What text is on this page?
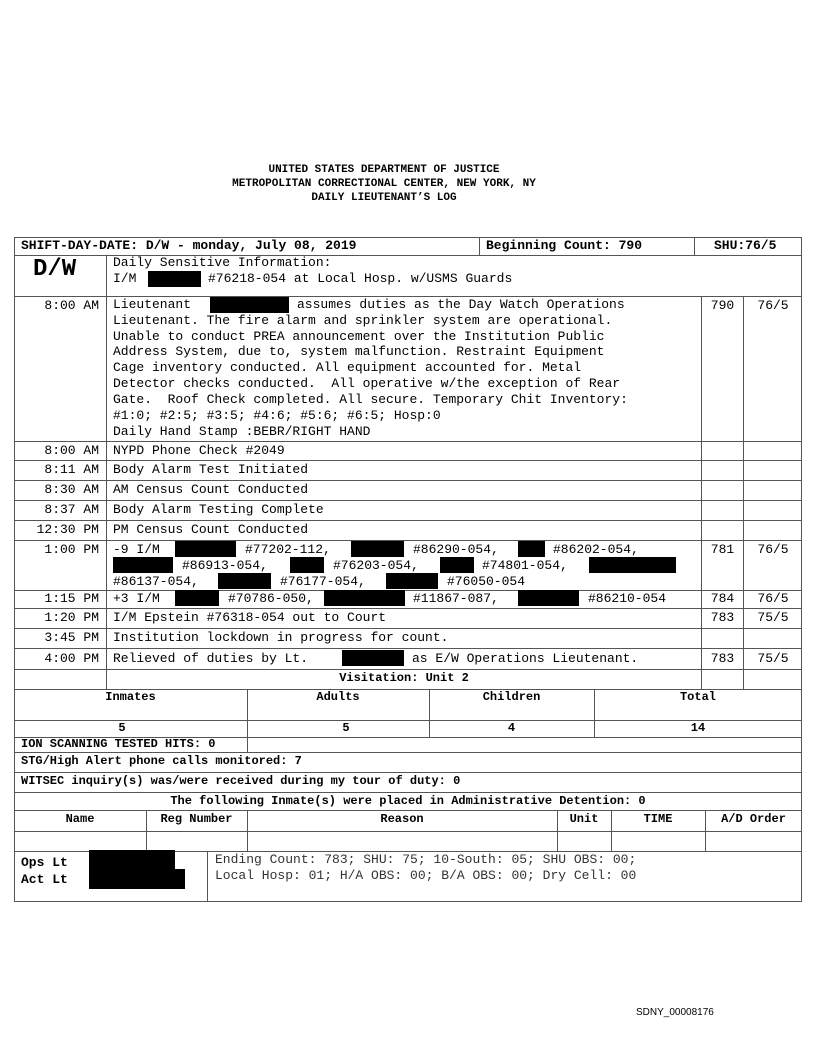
UNITED STATES DEPARTMENT OF JUSTICE
METROPOLITAN CORRECTIONAL CENTER, NEW YORK, NY
DAILY LIEUTENANT’S LOG
SHIFT-DAY-DATE: D/W - monday, July 08, 2019	Beginning Count: 790	SHU:76/5
D/W	Daily Sensitive Information:
I/M	#76218-054 at Local Hosp. w/USMS Guards
8:00 AM Lieutenant	assumes duties as the Day Watch Operations
Lieutenant. The fire alarm and sprinkler system are operational.
Unable to conduct PREA announcement over the Institution Public
Address System, due to, system malfunction. Restraint Equipment
Cage inventory conducted. All equipment accounted for. Metal
Detector checks conducted.  All operative w/the exception of Rear
Gate.  Roof Check completed. All secure. Temporary Chit Inventory:
#1:0; #2:5; #3:5; #4:6; #5:6; #6:5; Hosp:0
Daily Hand Stamp :BEBR/RIGHT HAND
790	76/5
8:00 AM NYPD Phone Check #2049
8:11 AM Body Alarm Test Initiated
8:30 AM AM Census Count Conducted
8:37 AM Body Alarm Testing Complete
12:30 PM PM Census Count Conducted
1:00 PM -9 I/M	#77202-112,	#86290-054,	#86202-054,
#86913-054,	#76203-054,	#74801-054,
#86137-054,	#76177-054,	#76050-054
781	76/5
1:15 PM +3 I/M	#70786-050,	#11867-087,	#86210-054	784	76/5
1:20 PM I/M Epstein #76318-054 out to Court	783	75/5
3:45 PM Institution lockdown in progress for count.
4:00 PM Relieved of duties by Lt.	as E/W Operations Lieutenant.	783	75/5
Visitation: Unit 2
Inmates	Adults	Children	Total
5	5	4	14
ION SCANNING TESTED HITS: 0
STG/High Alert phone calls monitored: 7
WITSEC inquiry(s) was/were received during my tour of duty: 0
The following Inmate(s) were placed in Administrative Detention: 0
Name	Reg Number	Reason	Unit	TIME	A/D Order
Ops Lt
Act Lt
Ending Count: 783; SHU: 75; 10-South: 05; SHU OBS: 00;
Local Hosp: 01; H/A OBS: 00; B/A OBS: 00; Dry Cell: 00
SDNY_00008176
